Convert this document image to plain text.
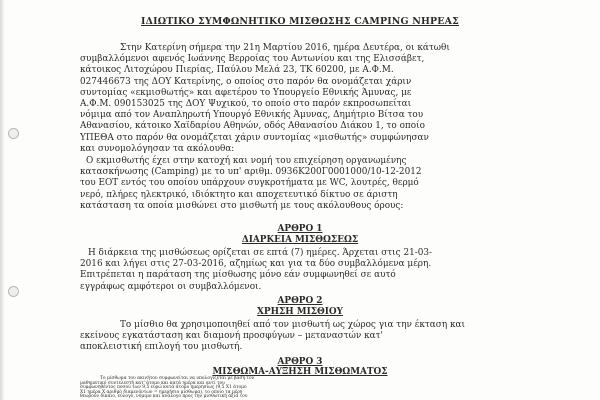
ΙΔΙΩΤΙΚΟ ΣΥΜΦΩΝΗΤΙΚΟ ΜΙΣΘΩΣΗΣ CAMPING ΝΗΡΕΑΣ
Στην Κατερίνη σήμερα την 21η Μαρτίου 2016, ημέρα Δευτέρα, οι κάτωθι
συμβαλλόμενοι αφενός Ιωάννης Βερροίας του Αντωνίου και της Ελισσάβετ,
κάτοικος Λιτοχώρου Πιερίας, Παύλου Μελά 23, ΤΚ 60200, με Α.Φ.Μ.
027446673 της ΔΟΥ Κατερίνης, ο οποίος στο παρόν θα ονομάζεται χάριν
συντομίας «εκμισθωτής» και αφετέρου το Υπουργείο Εθνικής Άμυνας, με
Α.Φ.Μ. 090153025 της ΔΟΥ Ψυχικού, το οποίο στο παρόν εκπροσωπείται
νόμιμα από τον Αναπληρωτή Υπουργό Εθνικής Άμυνας, Δημήτριο Βίτσα του
Αθανασίου, κάτοικο Χαϊδαρίου Αθηνών, οδός Αθανασίου Διάκου 1, το οποίο
ΥΠΕΘΑ στο παρόν θα ονομάζεται χάριν συντομίας «μισθωτής» συμφώνησαν
και συνομολόγησαν τα ακόλουθα:
Ο εκμισθωτής έχει στην κατοχή και νομή του επιχείρηση οργανωμένης
κατασκήνωσης (Camping) με το υπ' αριθμ. 0936K200Γ0001000/10-12-2012
του ΕΟΤ εντός του οποίου υπάρχουν συγκροτήματα με WC, λουτρές, θερμό
νερό, πλήρες ηλεκτρικό, ιδιόκτητο και αποχετευτικό δίκτυο σε άριστη
κατάσταση τα οποία μισθώνει στο μισθωτή με τους ακόλουθους όρους:
ΑΡΘΡΟ 1
ΔΙΑΡΚΕΙΑ ΜΙΣΘΩΣΕΩΣ
Η διάρκεια της μισθώσεως ορίζεται σε επτά (7) ημέρες. Άρχεται στις 21-03-
2016 και λήγει στις 27-03-2016, αζημίως και για τα δύο συμβαλλόμενα μέρη.
Επιτρέπεται η παράταση της μίσθωσης μόνο εάν συμφωνηθεί σε αυτό
εγγράφως αμφότεροι οι συμβαλλόμενοι.
ΑΡΘΡΟ 2
ΧΡΗΣΗ ΜΙΣΘΙΟΥ
Το μίσθιο θα χρησιμοποιηθεί από τον μισθωτή ως χώρος για την έκταση και
εκείνους εγκατάσταση και διαμονή προσφύγων – μεταναστών κατ'
αποκλειστική επιλογή του μισθωτή.
ΑΡΘΡΟ 3
ΜΙΣΘΩΜΑ-ΑΥΞΗΣΗ ΜΙΣΘΩΜΑΤΟΣ
Το μίσθωμα του ακινήτου συμφωνείται να υπολογίζεται με βάση τον
μαθηματικό συντελεστή κατ' άτομο και κατά ημέρα και αντί του
συμφωνηθέντος ποσού των 9,5 ευρώ κατά άτομο ημερησίως (9,5 Χ1 άτομο
Χ1 ημέρα Χ αριθμό διαμενόντων = ημερήσιο μίσθωμα), το οποίο τα μέρη
θεωρούν δίκαιο, εύλογο, νόμιμο και ανάλογο προς την μισθωτική αξία του
